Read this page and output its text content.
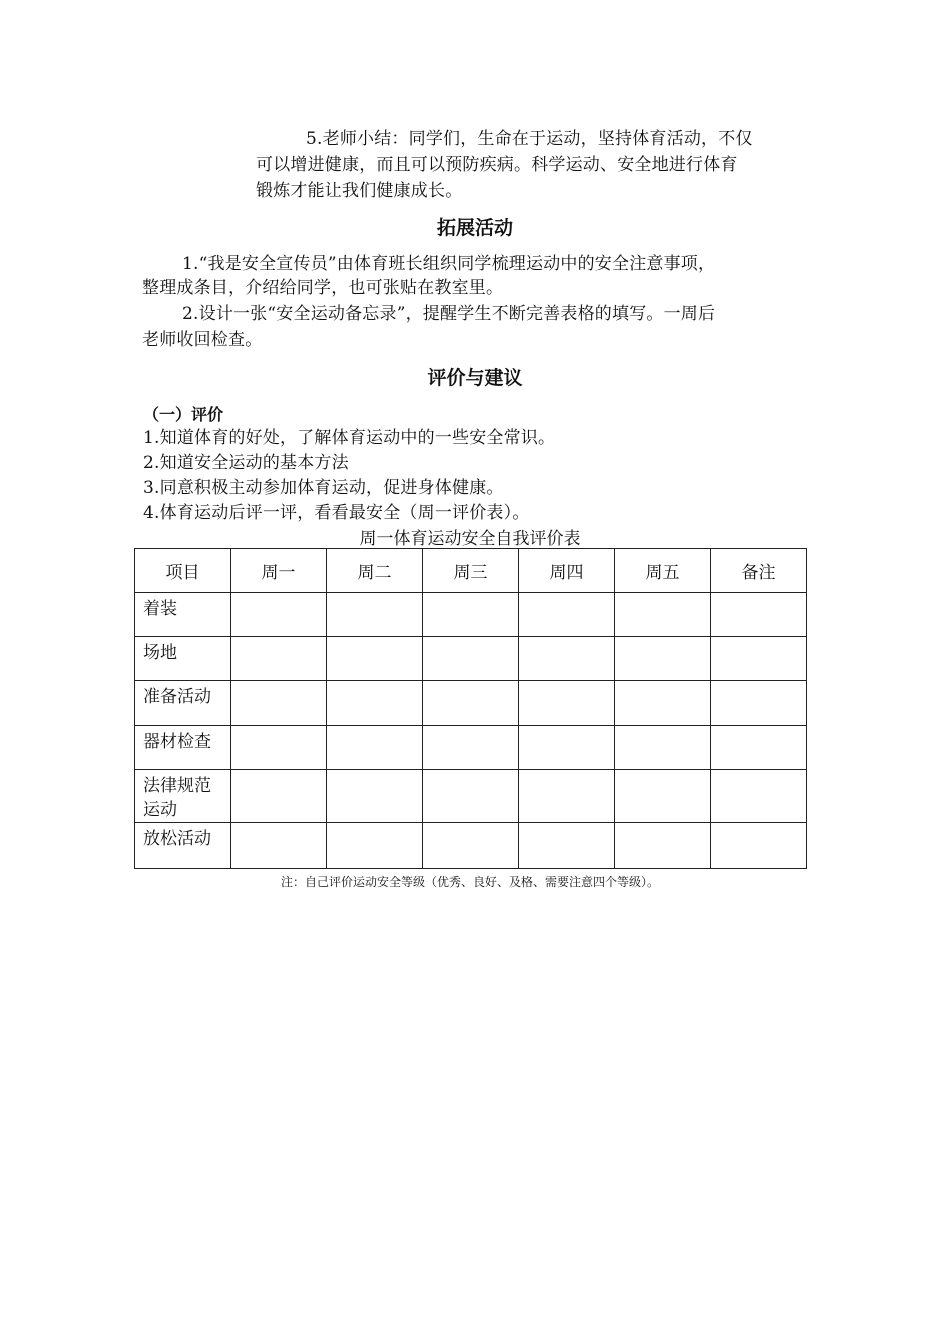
5.老师小结：同学们，生命在于运动，坚持体育活动，不仅
可以增进健康，而且可以预防疾病。科学运动、安全地进行体育
锻炼才能让我们健康成长。
拓展活动
1.“我是安全宣传员”由体育班长组织同学梳理运动中的安全注意事项，
整理成条目，介绍给同学，也可张贴在教室里。
2.设计一张“安全运动备忘录”，提醒学生不断完善表格的填写。一周后
老师收回检查。
评价与建议
（一）评价
1.知道体育的好处，了解体育运动中的一些安全常识。
2.知道安全运动的基本方法
3.同意积极主动参加体育运动，促进身体健康。
4.体育运动后评一评，看看最安全（周一评价表）。
周一体育运动安全自我评价表
项目	周一	周二	周三	周四	周五	备注
着装						
场地						
准备活动						
器材检查						
法律规范运动						
放松活动						
注：自己评价运动安全等级（优秀、良好、及格、需要注意四个等级）。
